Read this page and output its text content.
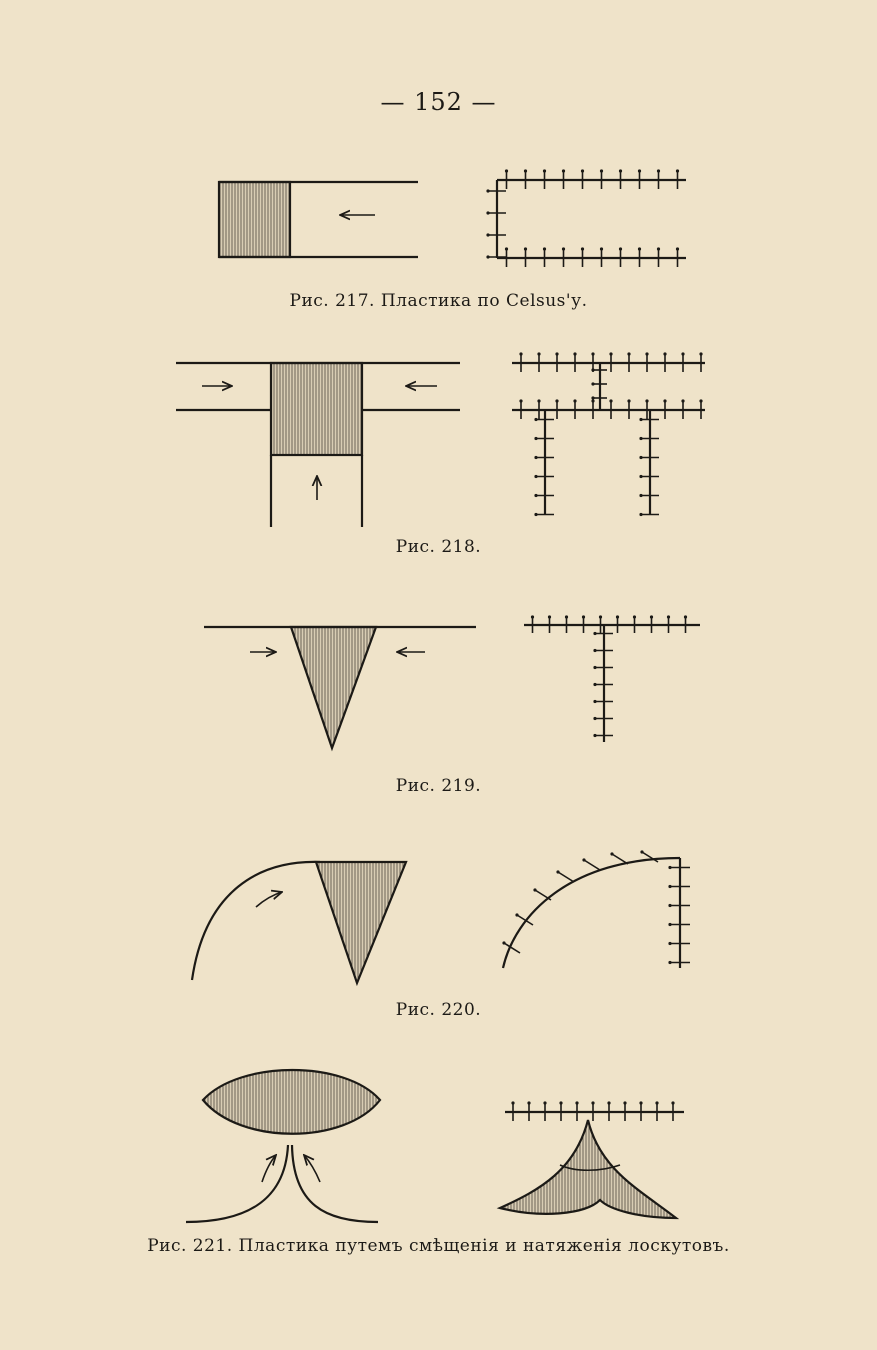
— 152 —
Рис. 217. Пластика по Celsus'у.
Рис. 218.
Рис. 219.
Рис. 220.
Рис. 221. Пластика путемъ смѣщенія и натяженія лоскутовъ.
